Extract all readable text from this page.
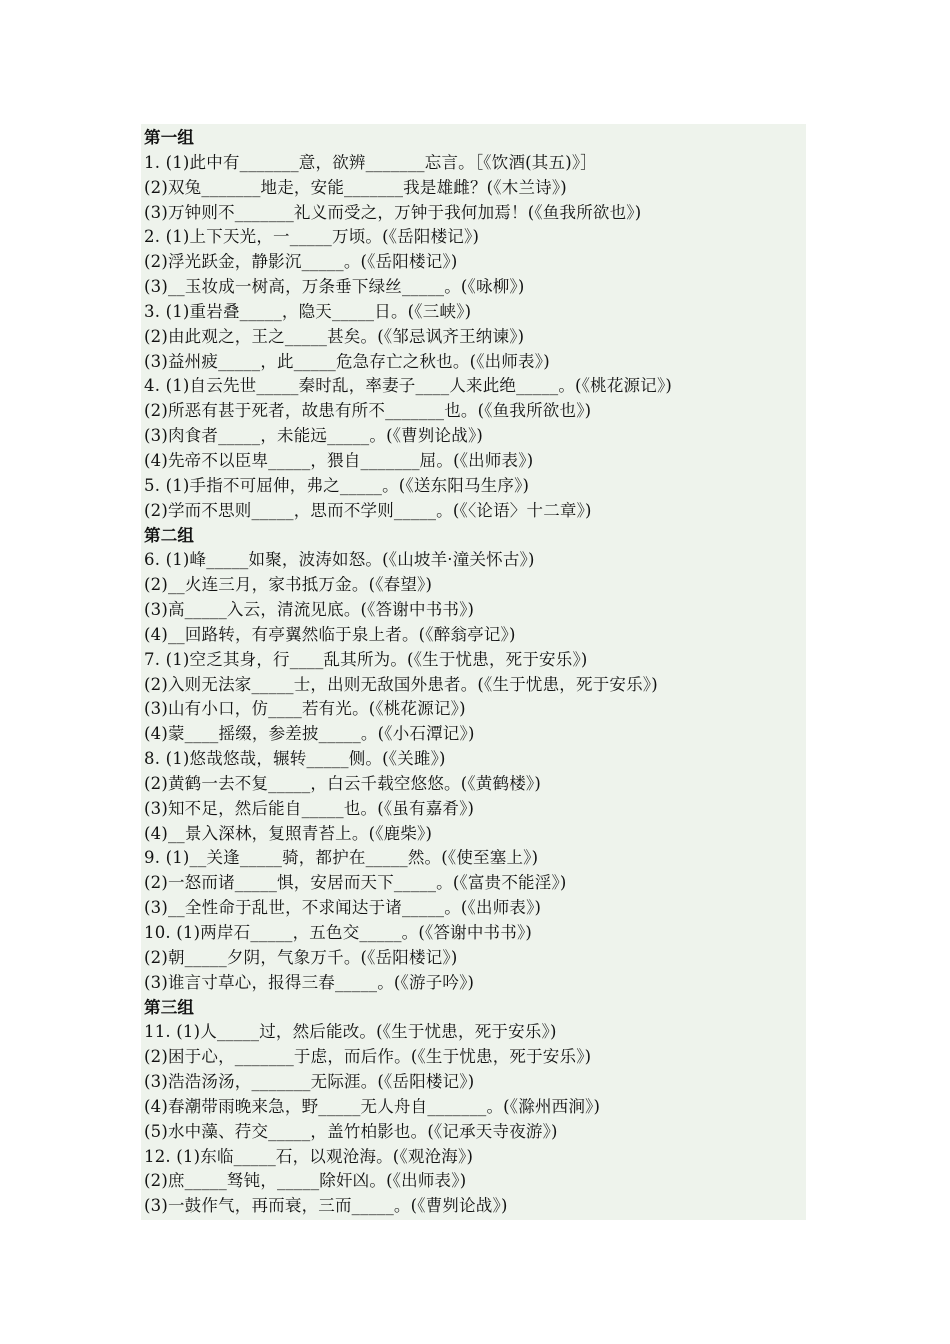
第一组
1. (1)此中有_______意，欲辨_______忘言。［《饮酒(其五)》］
(2)双兔_______地走，安能_______我是雄雌？(《木兰诗》)
(3)万钟则不_______礼义而受之，万钟于我何加焉！(《鱼我所欲也》)
2. (1)上下天光，一_____万顷。(《岳阳楼记》)
(2)浮光跃金，静影沉_____。(《岳阳楼记》)
(3)__玉妆成一树高，万条垂下绿丝_____。(《咏柳》)
3. (1)重岩叠_____，隐天_____日。(《三峡》)
(2)由此观之，王之_____甚矣。(《邹忌讽齐王纳谏》)
(3)益州疲_____，此_____危急存亡之秋也。(《出师表》)
4. (1)自云先世_____秦时乱，率妻子____人来此绝_____。(《桃花源记》)
(2)所恶有甚于死者，故患有所不_______也。(《鱼我所欲也》)
(3)肉食者_____，未能远_____。(《曹刿论战》)
(4)先帝不以臣卑_____，猥自_______屈。(《出师表》)
5. (1)手指不可屈伸，弗之_____。(《送东阳马生序》)
(2)学而不思则_____，思而不学则_____。(《〈论语〉十二章》)
第二组
6. (1)峰_____如聚，波涛如怒。(《山坡羊·潼关怀古》)
(2)__火连三月，家书抵万金。(《春望》)
(3)高_____入云，清流见底。(《答谢中书书》)
(4)__回路转，有亭翼然临于泉上者。(《醉翁亭记》)
7. (1)空乏其身，行____乱其所为。(《生于忧患，死于安乐》)
(2)入则无法家_____士，出则无敌国外患者。(《生于忧患，死于安乐》)
(3)山有小口，仿____若有光。(《桃花源记》)
(4)蒙____摇缀，参差披_____。(《小石潭记》)
8. (1)悠哉悠哉，辗转_____侧。(《关雎》)
(2)黄鹤一去不复_____，白云千载空悠悠。(《黄鹤楼》)
(3)知不足，然后能自_____也。(《虽有嘉肴》)
(4)__景入深林，复照青苔上。(《鹿柴》)
9. (1)__关逢_____骑，都护在_____然。(《使至塞上》)
(2)一怒而诸_____惧，安居而天下_____。(《富贵不能淫》)
(3)__全性命于乱世，不求闻达于诸_____。(《出师表》)
10. (1)两岸石_____，五色交_____。(《答谢中书书》)
(2)朝_____夕阴，气象万千。(《岳阳楼记》)
(3)谁言寸草心，报得三春_____。(《游子吟》)
第三组
11. (1)人_____过，然后能改。(《生于忧患，死于安乐》)
(2)困于心，_______于虑，而后作。(《生于忧患，死于安乐》)
(3)浩浩汤汤，_______无际涯。(《岳阳楼记》)
(4)春潮带雨晚来急，野_____无人舟自_______。(《滁州西涧》)
(5)水中藻、荇交_____，盖竹柏影也。(《记承天寺夜游》)
12. (1)东临_____石，以观沧海。(《观沧海》)
(2)庶_____驽钝，_____除奸凶。(《出师表》)
(3)一鼓作气，再而衰，三而_____。(《曹刿论战》)
